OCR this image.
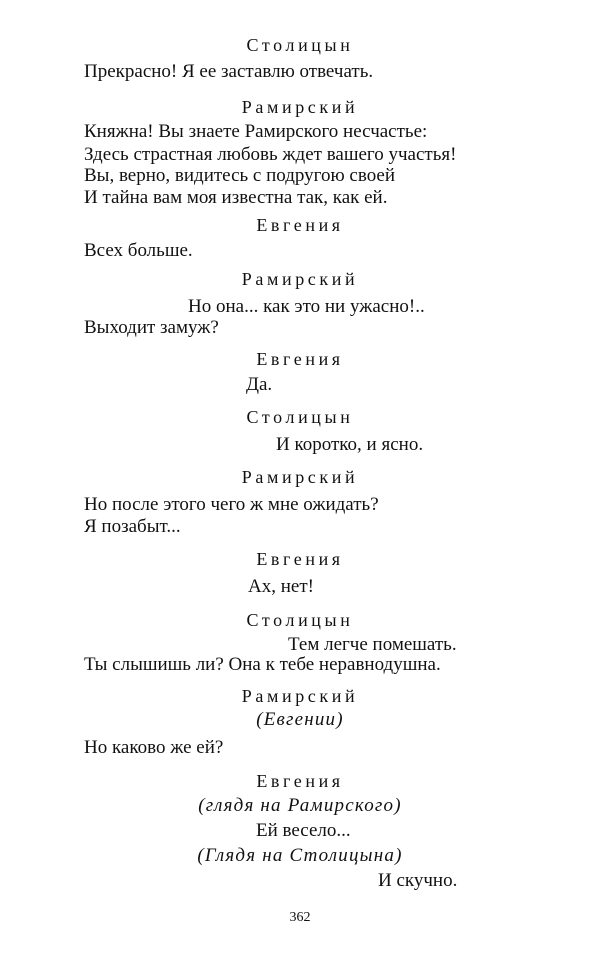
Столицын
Прекрасно! Я ее заставлю отвечать.
Рамирский
Княжна! Вы знаете Рамирского несчастье:
Здесь страстная любовь ждет вашего участья!
Вы, верно, видитесь с подругою своей
И тайна вам моя известна так, как ей.
Евгения
Всех больше.
Рамирский
Но она... как это ни ужасно!..
Выходит замуж?
Евгения
Да.
Столицын
И коротко, и ясно.
Рамирский
Но после этого чего ж мне ожидать?
Я позабыт...
Евгения
Ах, нет!
Столицын
Тем легче помешать.
Ты слышишь ли? Она к тебе неравнодушна.
Рамирский
(Евгении)
Но каково же ей?
Евгения
(глядя на Рамирского)
Ей весело...
(Глядя на Столицына)
И скучно.
362
